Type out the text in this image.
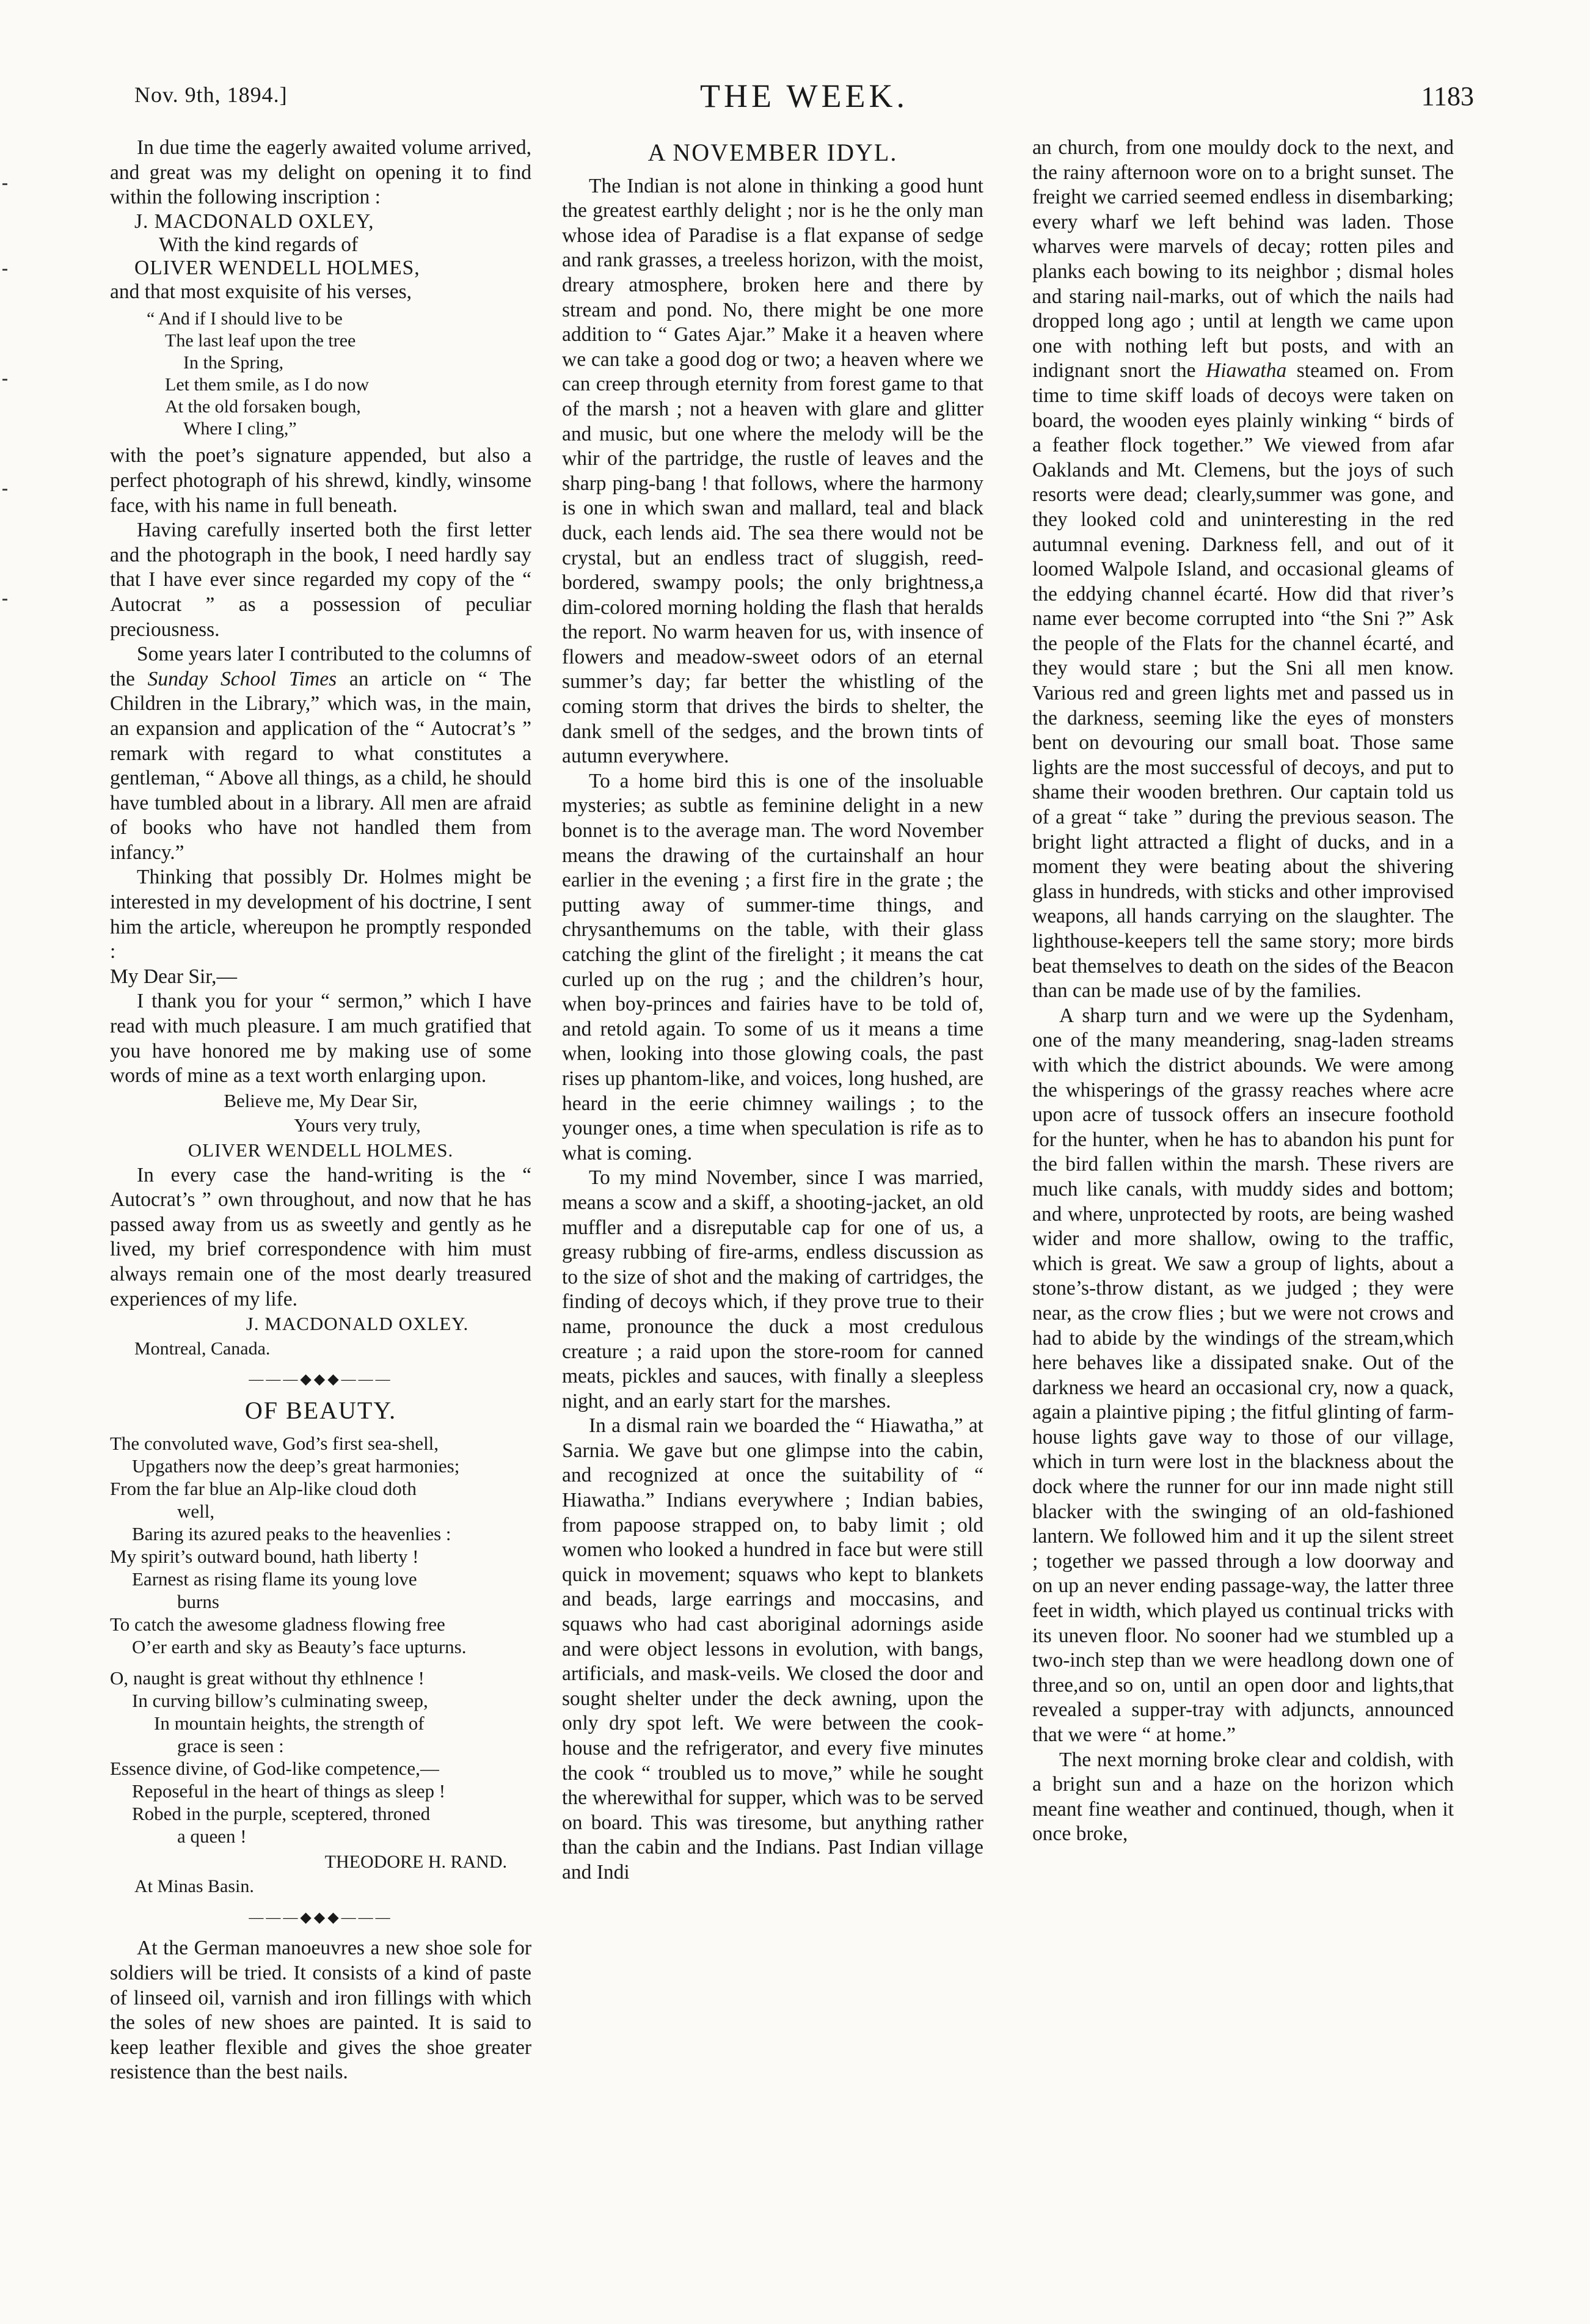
Nov. 9th, 1894.]	THE WEEK.	1183

In due time the eagerly awaited volume arrived, and great was my delight on opening it to find within the following inscription :

J. MACDONALD OXLEY,
With the kind regards of
OLIVER WENDELL HOLMES,

and that most exquisite of his verses,

“ And if I should live to be
The last leaf upon the tree
In the Spring,
Let them smile, as I do now
At the old forsaken bough,
Where I cling,”

with the poet’s signature appended, but also a perfect photograph of his shrewd, kindly, winsome face, with his name in full beneath.

Having carefully inserted both the first letter and the photograph in the book, I need hardly say that I have ever since regarded my copy of the “ Autocrat ” as a possession of peculiar preciousness.

Some years later I contributed to the columns of the Sunday School Times an article on “ The Children in the Library,” which was, in the main, an expansion and application of the “ Autocrat’s ” remark with regard to what constitutes a gentleman, “ Above all things, as a child, he should have tumbled about in a library. All men are afraid of books who have not handled them from infancy.”

Thinking that possibly Dr. Holmes might be interested in my development of his doctrine, I sent him the article, whereupon he promptly responded :

My Dear Sir,—

I thank you for your “ sermon,” which I have read with much pleasure. I am much gratified that you have honored me by making use of some words of mine as a text worth enlarging upon.

Believe me, My Dear Sir,
Yours very truly,
OLIVER WENDELL HOLMES.

In every case the hand-writing is the “ Autocrat’s ” own throughout, and now that he has passed away from us as sweetly and gently as he lived, my brief correspondence with him must always remain one of the most dearly treasured experiences of my life.

J. MACDONALD OXLEY.
Montreal, Canada.
———◆◆◆———
OF BEAUTY.
The convoluted wave, God’s first sea-shell,
Upgathers now the deep’s great harmonies;
From the far blue an Alp-like cloud doth
well,
Baring its azured peaks to the heavenlies :
My spirit’s outward bound, hath liberty !
Earnest as rising flame its young love
burns
To catch the awesome gladness flowing free
O’er earth and sky as Beauty’s face upturns.
O, naught is great without thy ethlnence !
In curving billow’s culminating sweep,
In mountain heights, the strength of
grace is seen :
Essence divine, of God-like competence,—
Reposeful in the heart of things as sleep !
Robed in the purple, sceptered, throned
a queen !
THEODORE H. RAND.
At Minas Basin.
———◆◆◆———

At the German manoeuvres a new shoe sole for soldiers will be tried. It consists of a kind of paste of linseed oil, varnish and iron fillings with which the soles of new shoes are painted. It is said to keep leather flexible and gives the shoe greater resistence than the best nails.

A NOVEMBER IDYL.

The Indian is not alone in thinking a good hunt the greatest earthly delight ; nor is he the only man whose idea of Paradise is a flat expanse of sedge and rank grasses, a treeless horizon, with the moist, dreary atmosphere, broken here and there by stream and pond. No, there might be one more addition to “ Gates Ajar.” Make it a heaven where we can take a good dog or two; a heaven where we can creep through eternity from forest game to that of the marsh ; not a heaven with glare and glitter and music, but one where the melody will be the whir of the partridge, the rustle of leaves and the sharp ping-bang ! that follows, where the harmony is one in which swan and mallard, teal and black duck, each lends aid. The sea there would not be crystal, but an endless tract of sluggish, reed-bordered, swampy pools; the only brightness,a dim-colored morning holding the flash that heralds the report. No warm heaven for us, with insence of flowers and meadow-sweet odors of an eternal summer’s day; far better the whistling of the coming storm that drives the birds to shelter, the dank smell of the sedges, and the brown tints of autumn everywhere.

To a home bird this is one of the insoluable mysteries; as subtle as feminine delight in a new bonnet is to the average man. The word November means the drawing of the curtainshalf an hour earlier in the evening ; a first fire in the grate ; the putting away of summer-time things, and chrysanthemums on the table, with their glass catching the glint of the firelight ; it means the cat curled up on the rug ; and the children’s hour, when boy-princes and fairies have to be told of, and retold again. To some of us it means a time when, looking into those glowing coals, the past rises up phantom-like, and voices, long hushed, are heard in the eerie chimney wailings ; to the younger ones, a time when speculation is rife as to what is coming.

To my mind November, since I was married, means a scow and a skiff, a shooting-jacket, an old muffler and a disreputable cap for one of us, a greasy rubbing of fire-arms, endless discussion as to the size of shot and the making of cartridges, the finding of decoys which, if they prove true to their name, pronounce the duck a most credulous creature ; a raid upon the store-room for canned meats, pickles and sauces, with finally a sleepless night, and an early start for the marshes.

In a dismal rain we boarded the “ Hiawatha,” at Sarnia. We gave but one glimpse into the cabin, and recognized at once the suitability of “ Hiawatha.” Indians everywhere ; Indian babies, from papoose strapped on, to baby limit ; old women who looked a hundred in face but were still quick in movement; squaws who kept to blankets and beads, large earrings and moccasins, and squaws who had cast aboriginal adornings aside and were object lessons in evolution, with bangs, artificials, and mask-veils. We closed the door and sought shelter under the deck awning, upon the only dry spot left. We were between the cook-house and the refrigerator, and every five minutes the cook “ troubled us to move,” while he sought the wherewithal for supper, which was to be served on board. This was tiresome, but anything rather than the cabin and the Indians. Past Indian village and Indi

an church, from one mouldy dock to the next, and the rainy afternoon wore on to a bright sunset. The freight we carried seemed endless in disembarking; every wharf we left behind was laden. Those wharves were marvels of decay; rotten piles and planks each bowing to its neighbor ; dismal holes and staring nail-marks, out of which the nails had dropped long ago ; until at length we came upon one with nothing left but posts, and with an indignant snort the Hiawatha steamed on. From time to time skiff loads of decoys were taken on board, the wooden eyes plainly winking “ birds of a feather flock together.” We viewed from afar Oaklands and Mt. Clemens, but the joys of such resorts were dead; clearly,summer was gone, and they looked cold and uninteresting in the red autumnal evening. Darkness fell, and out of it loomed Walpole Island, and occasional gleams of the eddying channel écarté. How did that river’s name ever become corrupted into “the Sni ?” Ask the people of the Flats for the channel écarté, and they would stare ; but the Sni all men know. Various red and green lights met and passed us in the darkness, seeming like the eyes of monsters bent on devouring our small boat. Those same lights are the most successful of decoys, and put to shame their wooden brethren. Our captain told us of a great “ take ” during the previous season. The bright light attracted a flight of ducks, and in a moment they were beating about the shivering glass in hundreds, with sticks and other improvised weapons, all hands carrying on the slaughter. The lighthouse-keepers tell the same story; more birds beat themselves to death on the sides of the Beacon than can be made use of by the families.

A sharp turn and we were up the Sydenham, one of the many meandering, snag-laden streams with which the district abounds. We were among the whisperings of the grassy reaches where acre upon acre of tussock offers an insecure foothold for the hunter, when he has to abandon his punt for the bird fallen within the marsh. These rivers are much like canals, with muddy sides and bottom; and where, unprotected by roots, are being washed wider and more shallow, owing to the traffic, which is great. We saw a group of lights, about a stone’s-throw distant, as we judged ; they were near, as the crow flies ; but we were not crows and had to abide by the windings of the stream,which here behaves like a dissipated snake. Out of the darkness we heard an occasional cry, now a quack, again a plaintive piping ; the fitful glinting of farm-house lights gave way to those of our village, which in turn were lost in the blackness about the dock where the runner for our inn made night still blacker with the swinging of an old-fashioned lantern. We followed him and it up the silent street ; together we passed through a low doorway and on up an never ending passage-way, the latter three feet in width, which played us continual tricks with its uneven floor. No sooner had we stumbled up a two-inch step than we were headlong down one of three,and so on, until an open door and lights,that revealed a supper-tray with adjuncts, announced that we were “ at home.”

The next morning broke clear and coldish, with a bright sun and a haze on the horizon which meant fine weather and continued, though, when it once broke,
